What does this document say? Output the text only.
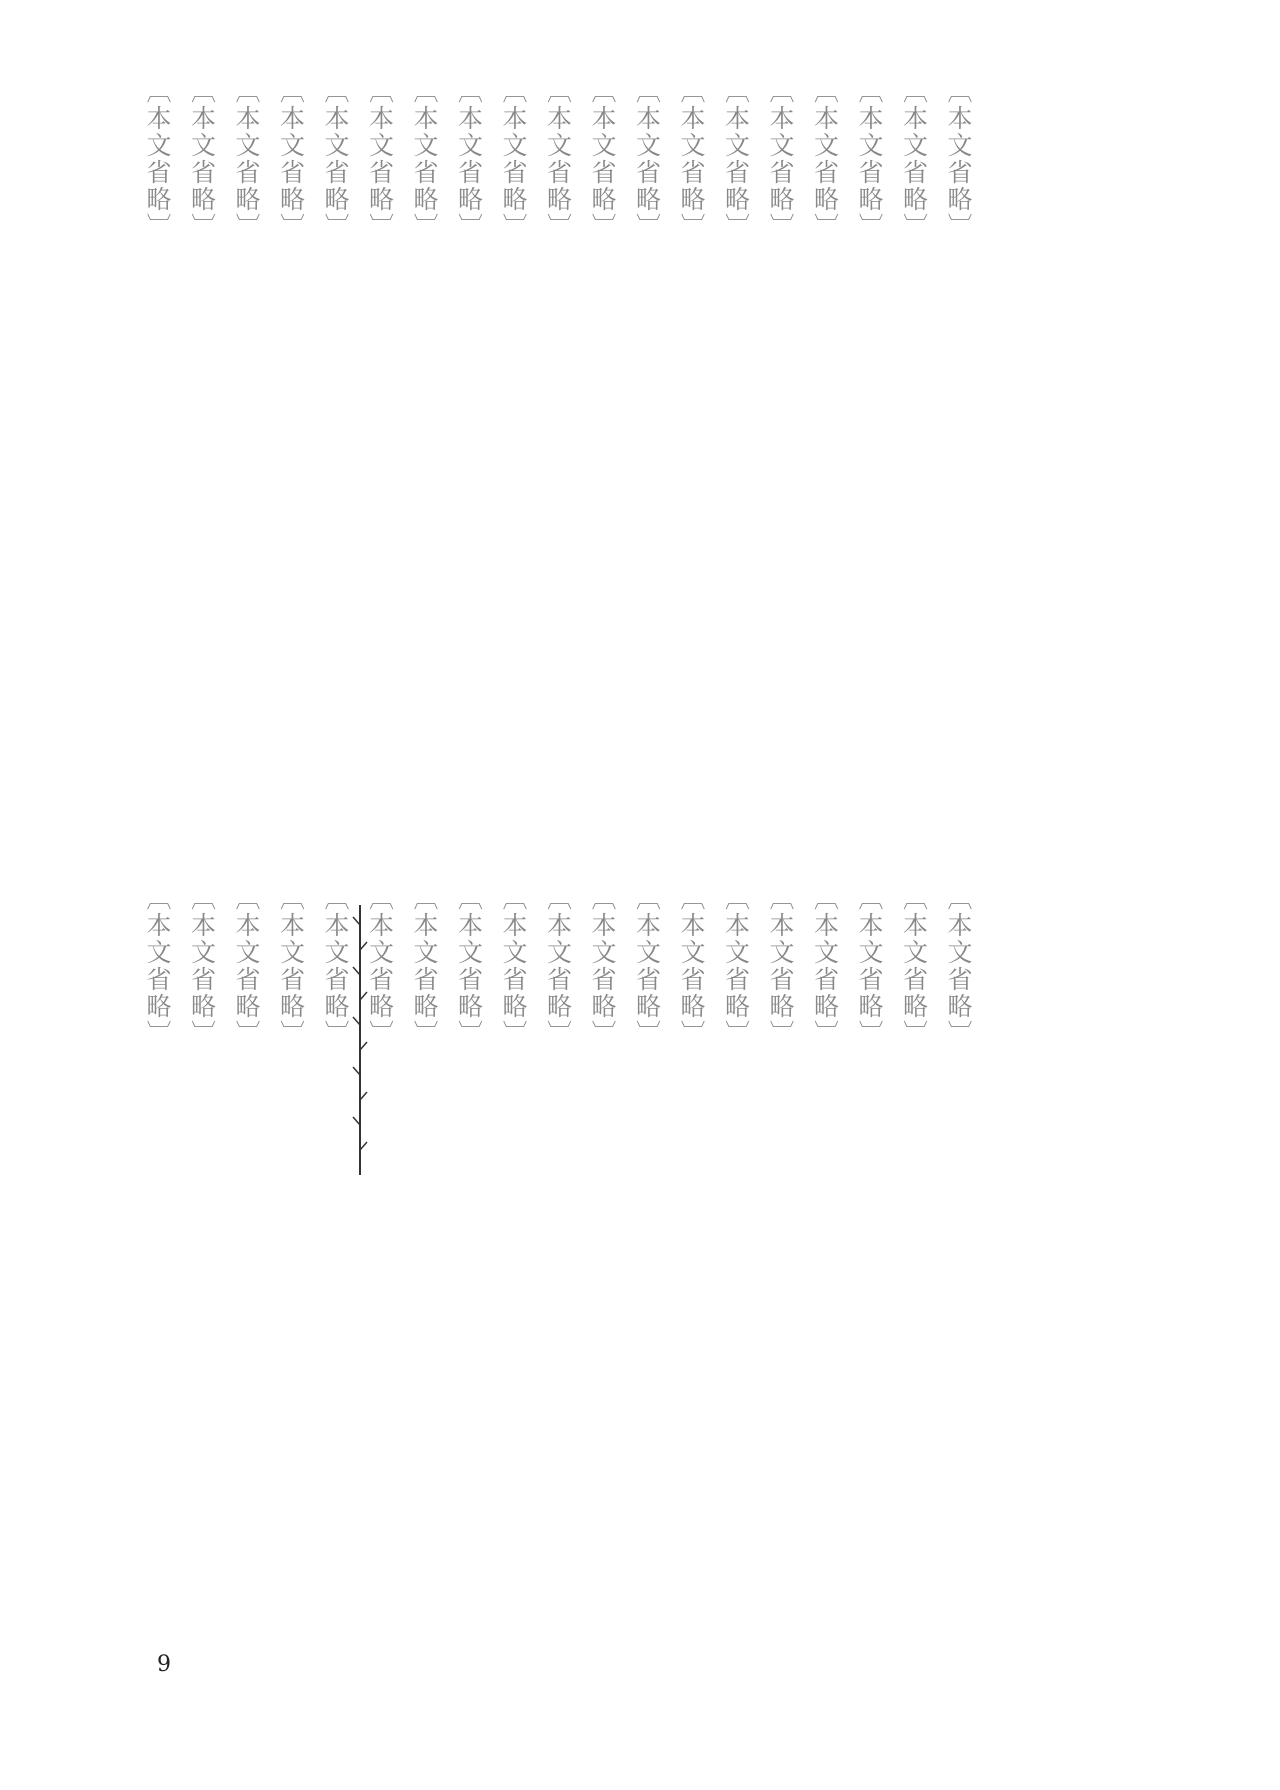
〔本文省略〕
〔本文省略〕
〔本文省略〕
〔本文省略〕
〔本文省略〕
〔本文省略〕
〔本文省略〕
〔本文省略〕
〔本文省略〕
〔本文省略〕
〔本文省略〕
〔本文省略〕
〔本文省略〕
〔本文省略〕
〔本文省略〕
〔本文省略〕
〔本文省略〕
〔本文省略〕
〔本文省略〕
〔本文省略〕
〔本文省略〕
〔本文省略〕
〔本文省略〕
〔本文省略〕
〔本文省略〕
〔本文省略〕
〔本文省略〕
〔本文省略〕
〔本文省略〕
〔本文省略〕
〔本文省略〕
〔本文省略〕
〔本文省略〕
〔本文省略〕
〔本文省略〕
〔本文省略〕
〔本文省略〕
〔本文省略〕
9
